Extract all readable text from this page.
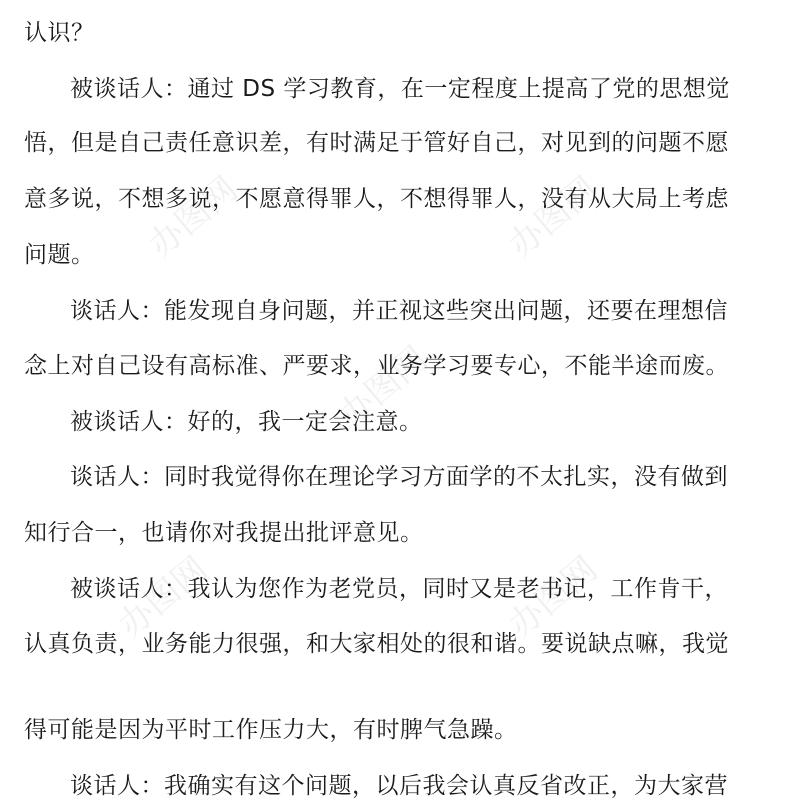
办图网	办图网
办图网
办图网	办图网
认识？
被谈话人：通过 DS 学习教育，在一定程度上提高了党的思想觉
悟，但是自己责任意识差，有时满足于管好自己，对见到的问题不愿
意多说，不想多说，不愿意得罪人，不想得罪人，没有从大局上考虑
问题。
谈话人：能发现自身问题，并正视这些突出问题，还要在理想信
念上对自己设有高标准、严要求，业务学习要专心，不能半途而废。
被谈话人：好的，我一定会注意。
谈话人：同时我觉得你在理论学习方面学的不太扎实，没有做到
知行合一，也请你对我提出批评意见。
被谈话人：我认为您作为老党员，同时又是老书记，工作肯干，
认真负责，业务能力很强，和大家相处的很和谐。要说缺点嘛，我觉
得可能是因为平时工作压力大，有时脾气急躁。
谈话人：我确实有这个问题，以后我会认真反省改正，为大家营
